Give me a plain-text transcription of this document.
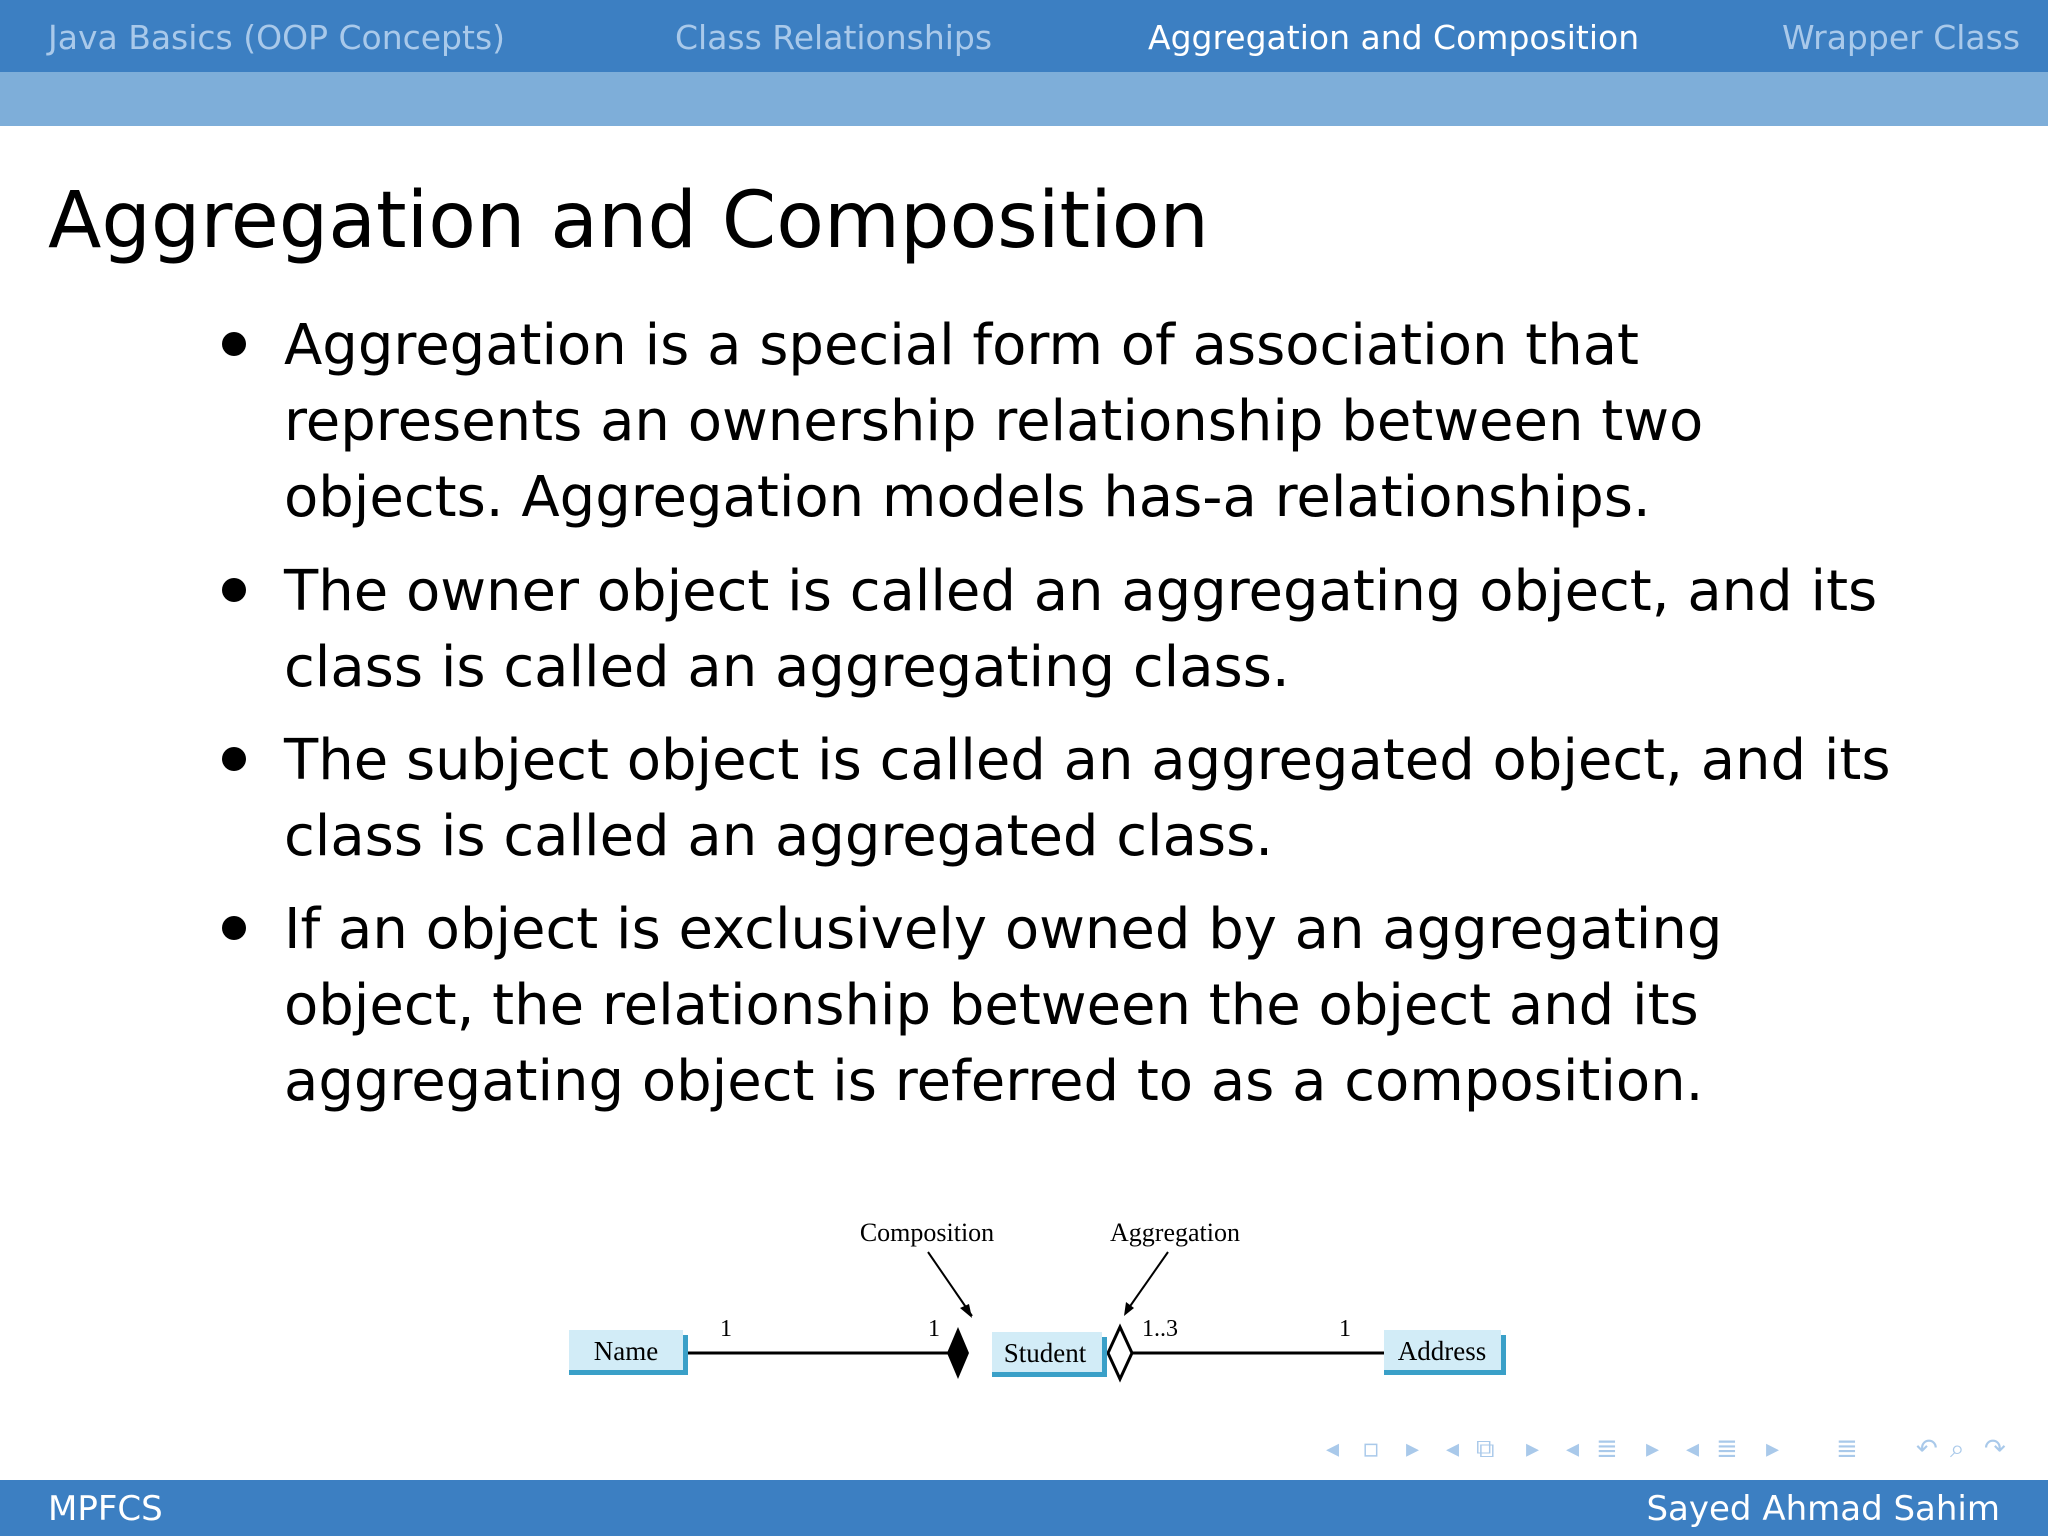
Java Basics (OOP Concepts)	Class Relationships	Aggregation and Composition	Wrapper Class
Aggregation and Composition
Aggregation is a special form of association that represents an ownership relationship between two objects. Aggregation models has-a relationships.
The owner object is called an aggregating object, and its class is called an aggregating class.
The subject object is called an aggregated object, and its class is called an aggregated class.
If an object is exclusively owned by an aggregating object, the relationship between the object and its aggregating object is referred to as a composition.
Name	Student	Address
Composition	Aggregation
1	1	1..3	1
◂ ▫ ▸ ◂ ⧉ ▸ ◂ ≣ ▸ ◂ ≣ ▸ ≣ ↶ ⌕ ↷
MPFCS	Sayed Ahmad Sahim
